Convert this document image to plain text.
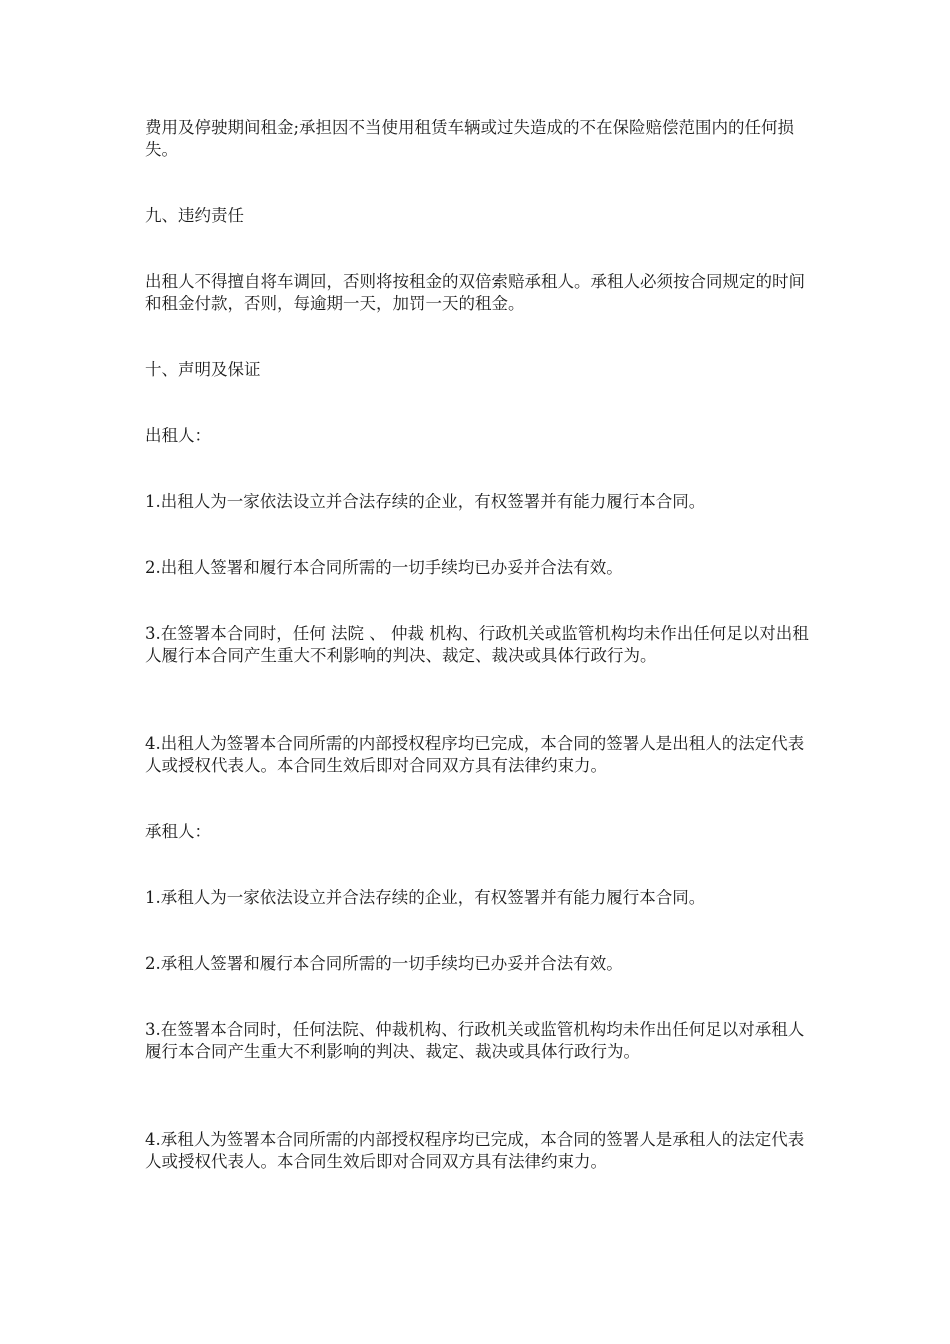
费用及停驶期间租金;承担因不当使用租赁车辆或过失造成的不在保险赔偿范围内的任何损失。
九、违约责任
出租人不得擅自将车调回，否则将按租金的双倍索赔承租人。承租人必须按合同规定的时间和租金付款，否则，每逾期一天，加罚一天的租金。
十、声明及保证
出租人：
1.出租人为一家依法设立并合法存续的企业，有权签署并有能力履行本合同。
2.出租人签署和履行本合同所需的一切手续均已办妥并合法有效。
3.在签署本合同时，任何 法院 、 仲裁 机构、行政机关或监管机构均未作出任何足以对出租人履行本合同产生重大不利影响的判决、裁定、裁决或具体行政行为。
4.出租人为签署本合同所需的内部授权程序均已完成，本合同的签署人是出租人的法定代表人或授权代表人。本合同生效后即对合同双方具有法律约束力。
承租人：
1.承租人为一家依法设立并合法存续的企业，有权签署并有能力履行本合同。
2.承租人签署和履行本合同所需的一切手续均已办妥并合法有效。
3.在签署本合同时，任何法院、仲裁机构、行政机关或监管机构均未作出任何足以对承租人履行本合同产生重大不利影响的判决、裁定、裁决或具体行政行为。
4.承租人为签署本合同所需的内部授权程序均已完成，本合同的签署人是承租人的法定代表人或授权代表人。本合同生效后即对合同双方具有法律约束力。
